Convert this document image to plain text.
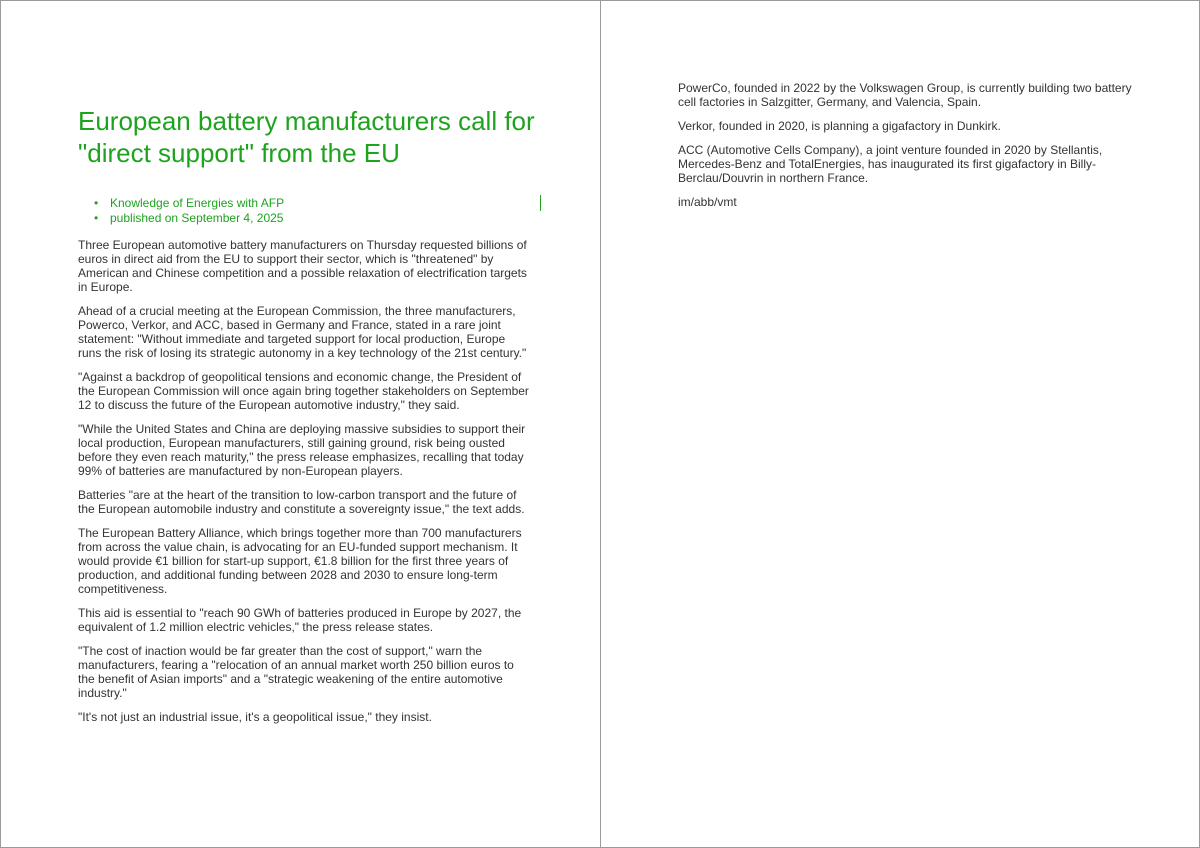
European battery manufacturers call for "direct support" from the EU
• Knowledge of Energies with AFP
• published on September 4, 2025

Three European automotive battery manufacturers on Thursday requested billions of euros in direct aid from the EU to support their sector, which is "threatened" by American and Chinese competition and a possible relaxation of electrification targets in Europe.

Ahead of a crucial meeting at the European Commission, the three manufacturers, Powerco, Verkor, and ACC, based in Germany and France, stated in a rare joint statement: "Without immediate and targeted support for local production, Europe runs the risk of losing its strategic autonomy in a key technology of the 21st century."

"Against a backdrop of geopolitical tensions and economic change, the President of the European Commission will once again bring together stakeholders on September 12 to discuss the future of the European automotive industry," they said.

"While the United States and China are deploying massive subsidies to support their local production, European manufacturers, still gaining ground, risk being ousted before they even reach maturity," the press release emphasizes, recalling that today 99% of batteries are manufactured by non-European players.

Batteries "are at the heart of the transition to low-carbon transport and the future of the European automobile industry and constitute a sovereignty issue," the text adds.

The European Battery Alliance, which brings together more than 700 manufacturers from across the value chain, is advocating for an EU-funded support mechanism. It would provide €1 billion for start-up support, €1.8 billion for the first three years of production, and additional funding between 2028 and 2030 to ensure long-term competitiveness.

This aid is essential to "reach 90 GWh of batteries produced in Europe by 2027, the equivalent of 1.2 million electric vehicles," the press release states.

"The cost of inaction would be far greater than the cost of support," warn the manufacturers, fearing a "relocation of an annual market worth 250 billion euros to the benefit of Asian imports" and a "strategic weakening of the entire automotive industry."

"It's not just an industrial issue, it's a geopolitical issue," they insist.

PowerCo, founded in 2022 by the Volkswagen Group, is currently building two battery cell factories in Salzgitter, Germany, and Valencia, Spain.

Verkor, founded in 2020, is planning a gigafactory in Dunkirk.

ACC (Automotive Cells Company), a joint venture founded in 2020 by Stellantis, Mercedes-Benz and TotalEnergies, has inaugurated its first gigafactory in Billy-Berclau/Douvrin in northern France.

im/abb/vmt
